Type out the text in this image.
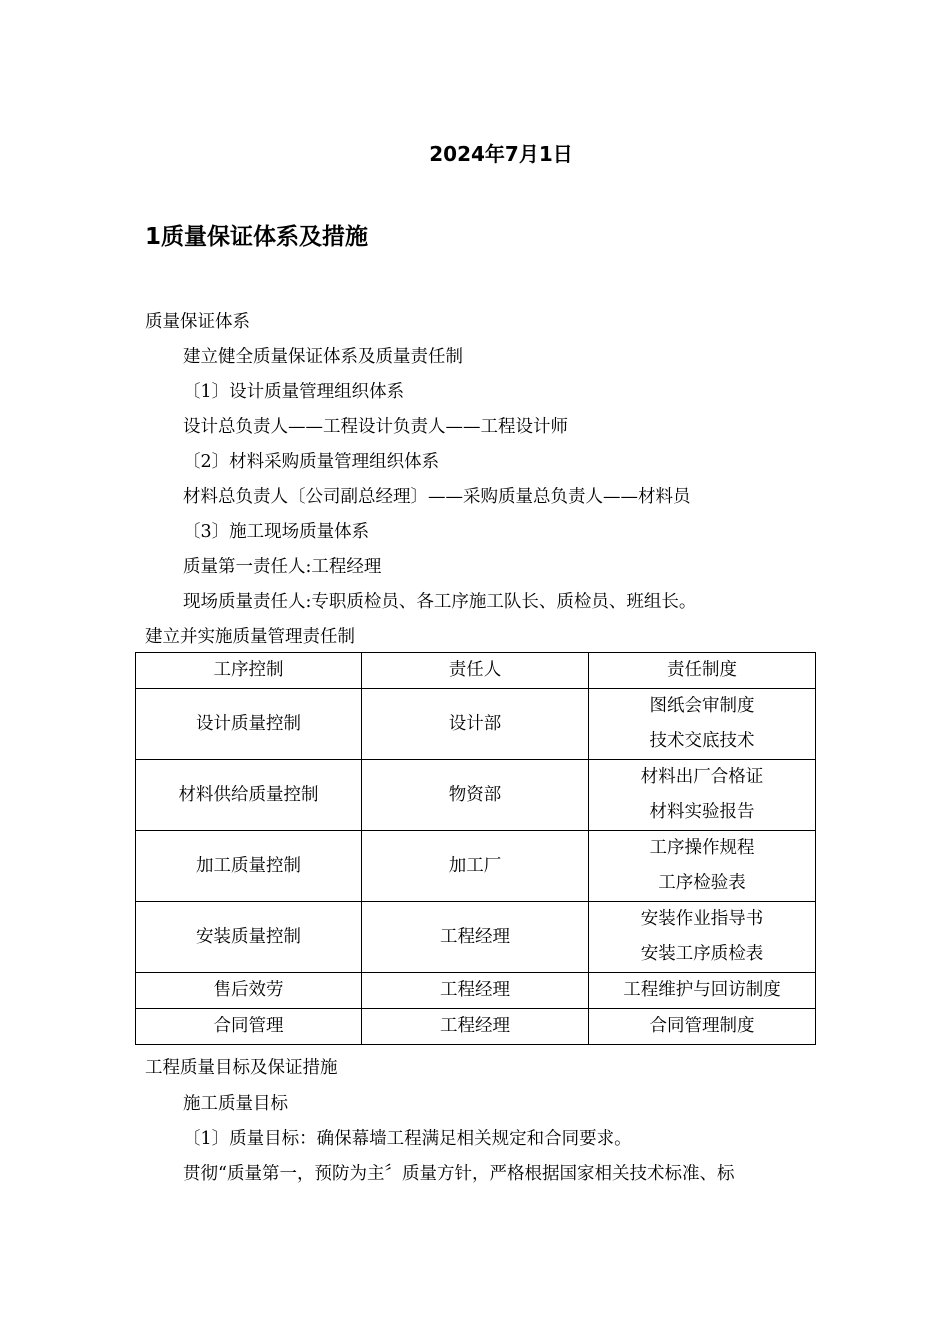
2024年7月1日
1质量保证体系及措施
质量保证体系
建立健全质量保证体系及质量责任制
〔1〕设计质量管理组织体系
设计总负责人——工程设计负责人——工程设计师
〔2〕材料采购质量管理组织体系
材料总负责人〔公司副总经理〕——采购质量总负责人——材料员
〔3〕施工现场质量体系
质量第一责任人:工程经理
现场质量责任人:专职质检员、各工序施工队长、质检员、班组长。
建立并实施质量管理责任制
工序控制	责任人	责任制度
设计质量控制	设计部	图纸会审制度
技术交底技术

材料供给质量控制	物资部	材料出厂合格证
材料实验报告

加工质量控制	加工厂	工序操作规程
工序检验表

安装质量控制	工程经理	安装作业指导书
安装工序质检表

售后效劳	工程经理	工程维护与回访制度
合同管理	工程经理	合同管理制度
工程质量目标及保证措施
施工质量目标
〔1〕质量目标：确保幕墙工程满足相关规定和合同要求。
贯彻“质量第一，预防为主〞质量方针，严格根据国家相关技术标准、标
